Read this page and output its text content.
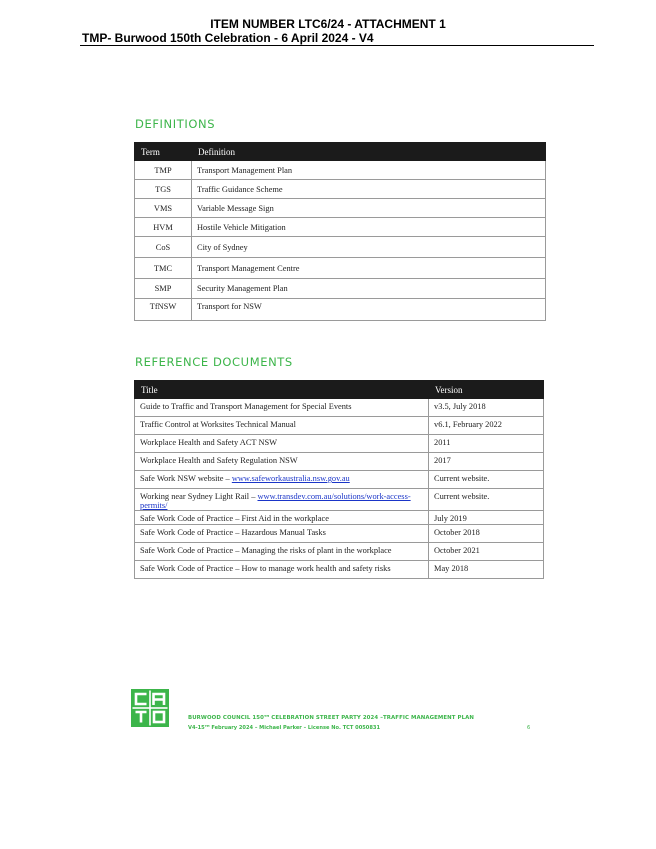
ITEM NUMBER LTC6/24 - ATTACHMENT 1
TMP- Burwood 150th Celebration - 6 April 2024 - V4
DEFINITIONS
Term	Definition
TMP	Transport Management Plan
TGS	Traffic Guidance Scheme
VMS	Variable Message Sign
HVM	Hostile Vehicle Mitigation
CoS	City of Sydney
TMC	Transport Management Centre
SMP	Security Management Plan
TfNSW	Transport for NSW
REFERENCE DOCUMENTS
Title	Version
Guide to Traffic and Transport Management for Special Events	v3.5, July 2018
Traffic Control at Worksites Technical Manual	v6.1, February 2022
Workplace Health and Safety ACT NSW	2011
Workplace Health and Safety Regulation NSW	2017
Safe Work NSW website – www.safeworkaustralia.nsw.gov.au	Current website.
Working near Sydney Light Rail – www.transdev.com.au/solutions/work-access-permits/	Current website.
Safe Work Code of Practice – First Aid in the workplace	July 2019
Safe Work Code of Practice – Hazardous Manual Tasks	October 2018
Safe Work Code of Practice – Managing the risks of plant in the workplace	October 2021
Safe Work Code of Practice – How to manage work health and safety risks	May 2018
BURWOOD COUNCIL 150ᵀᴴ CELEBRATION STREET PARTY 2024 –TRAFFIC MANAGEMENT PLAN
V4-15ᵀᴴ February 2024 – Michael Parker – License No. TCT 0050831	6
